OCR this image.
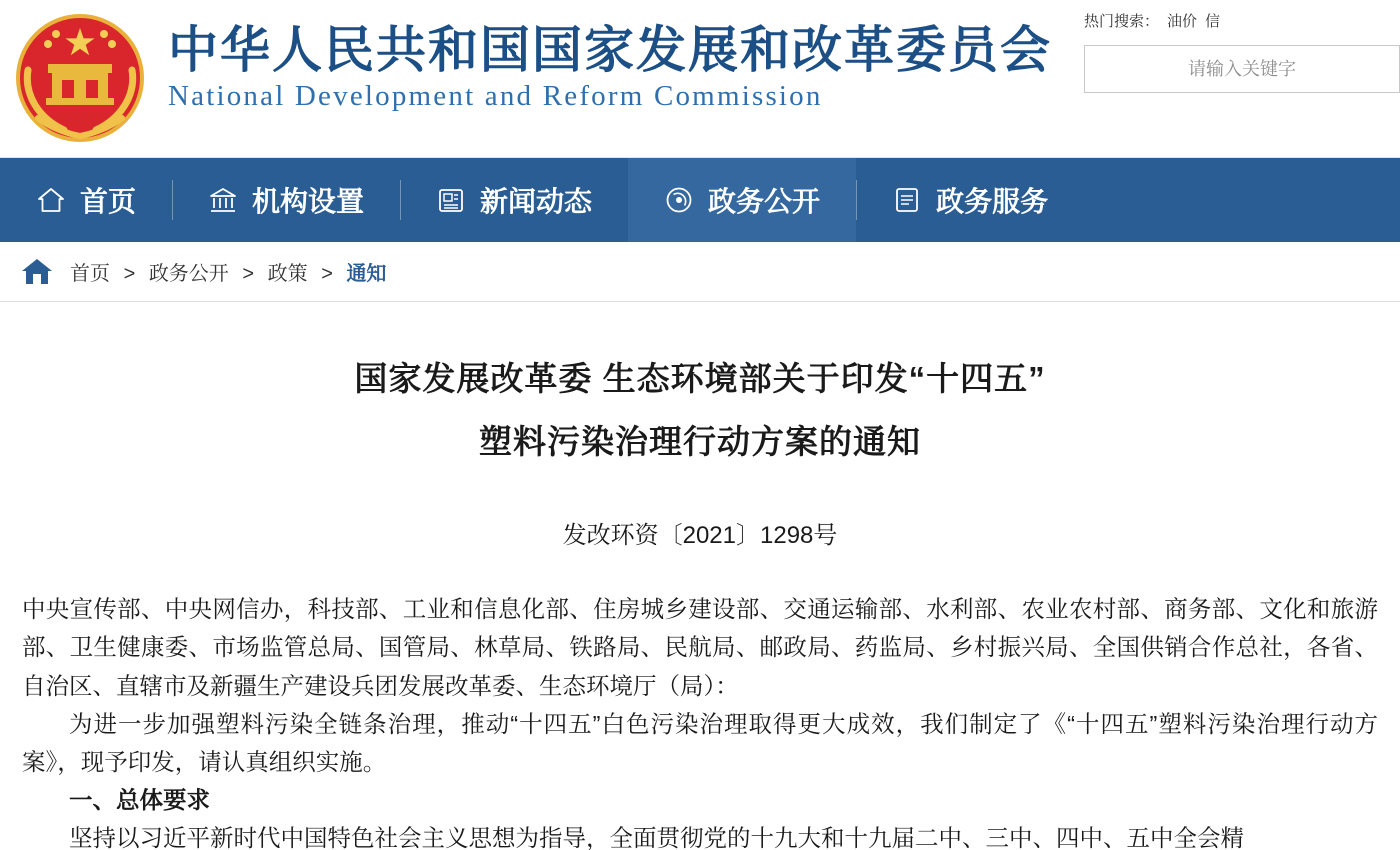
中华人民共和国国家发展和改革委员会
National Development and Reform Commission
热门搜索： 油价 信
请输入关键字
首页	机构设置	新闻动态	政务公开	政务服务
首页 > 政务公开 > 政策 > 通知
国家发展改革委 生态环境部关于印发“十四五”
塑料污染治理行动方案的通知
发改环资〔2021〕1298号

中央宣传部、中央网信办，科技部、工业和信息化部、住房城乡建设部、交通运输部、水利部、农业农村部、商务部、文化和旅游部、卫生健康委、市场监管总局、国管局、林草局、铁路局、民航局、邮政局、药监局、乡村振兴局、全国供销合作总社，各省、自治区、直辖市及新疆生产建设兵团发展改革委、生态环境厅（局）：

为进一步加强塑料污染全链条治理，推动“十四五”白色污染治理取得更大成效，我们制定了《“十四五”塑料污染治理行动方案》，现予印发，请认真组织实施。

一、总体要求

坚持以习近平新时代中国特色社会主义思想为指导，全面贯彻党的十九大和十九届二中、三中、四中、五中全会精
